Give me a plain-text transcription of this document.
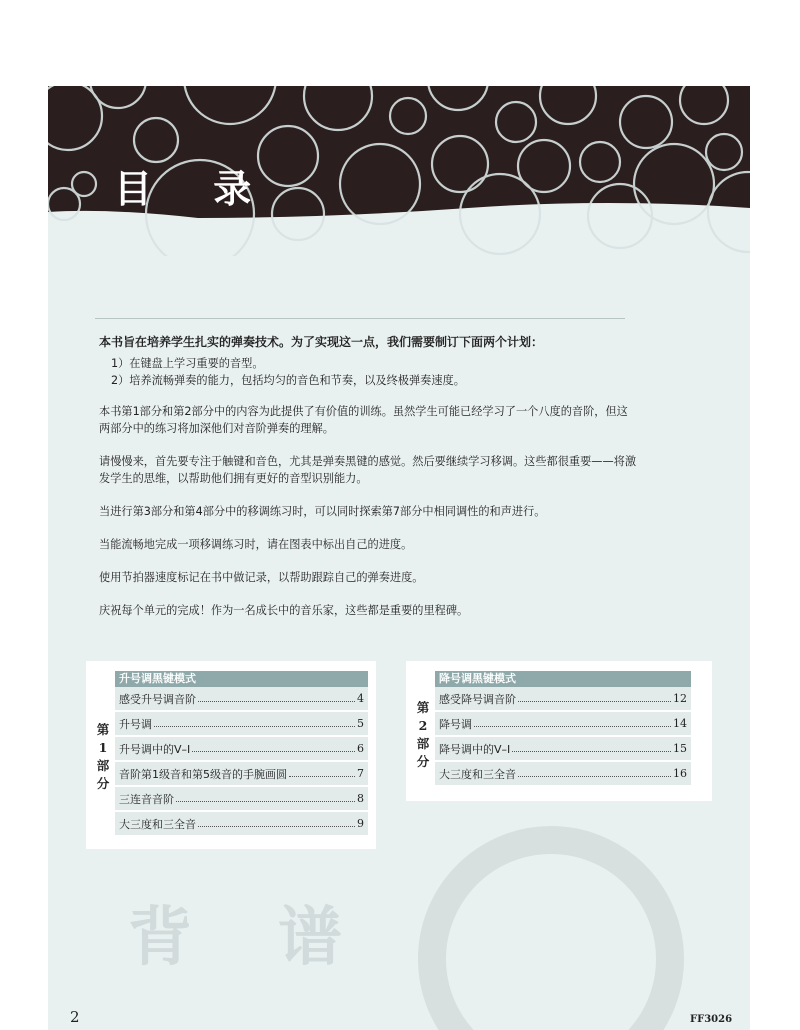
目 录

本书旨在培养学生扎实的弹奏技术。为了实现这一点，我们需要制订下面两个计划：

1）在键盘上学习重要的音型。
2）培养流畅弹奏的能力，包括均匀的音色和节奏，以及终极弹奏速度。

本书第1部分和第2部分中的内容为此提供了有价值的训练。虽然学生可能已经学习了一个八度的音阶，但这两部分中的练习将加深他们对音阶弹奏的理解。

请慢慢来，首先要专注于触键和音色，尤其是弹奏黑键的感觉。然后要继续学习移调。这些都很重要——将激发学生的思维，以帮助他们拥有更好的音型识别能力。

当进行第3部分和第4部分中的移调练习时，可以同时探索第7部分中相同调性的和声进行。

当能流畅地完成一项移调练习时，请在图表中标出自己的进度。

使用节拍器速度标记在书中做记录，以帮助跟踪自己的弹奏进度。

庆祝每个单元的完成！作为一名成长中的音乐家，这些都是重要的里程碑。

背 谱
第
1
部
分
升号调黑键模式
感受升号调音阶	4
升号调	5
升号调中的V–I	6
音阶第1级音和第5级音的手腕画圆	7
三连音音阶	8
大三度和三全音	9
第
2
部
分
降号调黑键模式
感受降号调音阶	12
降号调	14
降号调中的V–I	15
大三度和三全音	16
2	FF3026
